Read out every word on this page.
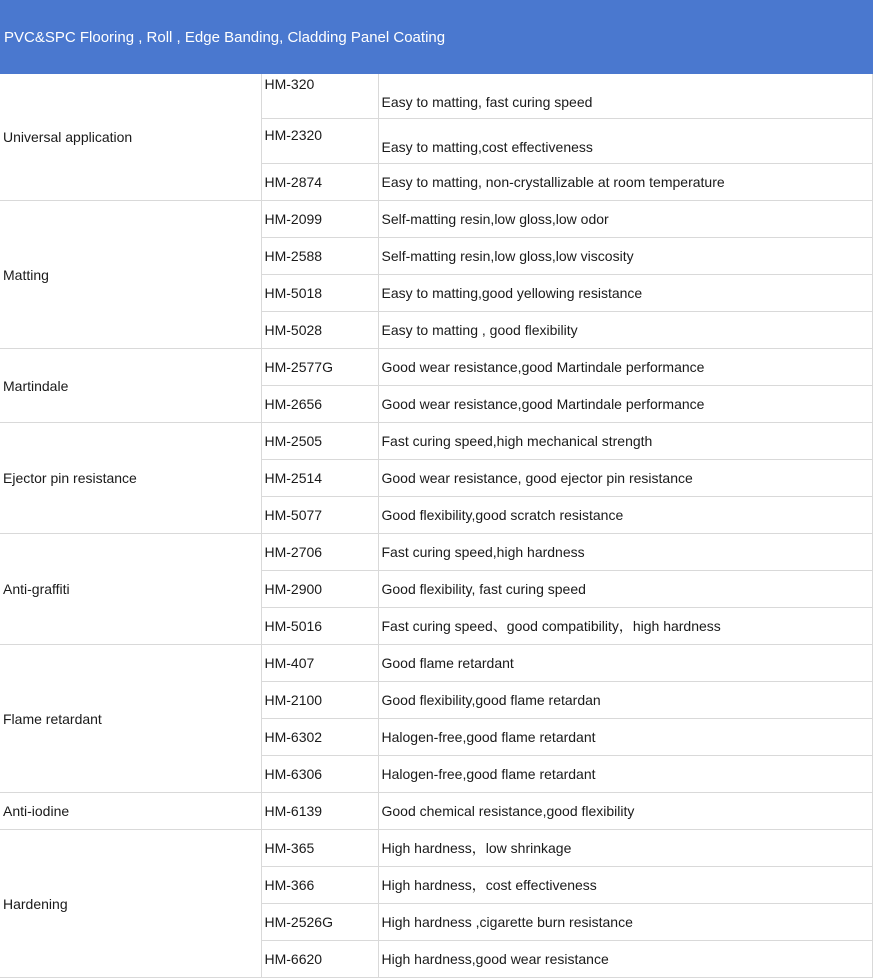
PVC&SPC Flooring , Roll , Edge Banding, Cladding Panel Coating
Universal application	HM-320	Easy to matting, fast curing speed
	HM-2320	Easy to matting,cost effectiveness
	HM-2874	Easy to matting, non-crystallizable at room temperature
Matting	HM-2099	Self-matting resin,low gloss,low odor
	HM-2588	Self-matting resin,low gloss,low viscosity
	HM-5018	Easy to matting,good yellowing resistance
	HM-5028	Easy to matting , good flexibility
Martindale	HM-2577G	Good wear resistance,good Martindale performance
	HM-2656	Good wear resistance,good Martindale performance
Ejector pin resistance	HM-2505	Fast curing speed,high mechanical strength
	HM-2514	Good wear resistance, good ejector pin resistance
	HM-5077	Good flexibility,good scratch resistance
Anti-graffiti	HM-2706	Fast curing speed,high hardness
	HM-2900	Good flexibility, fast curing speed
	HM-5016	Fast curing speed、good compatibility，high hardness
Flame retardant	HM-407	Good flame retardant
	HM-2100	Good flexibility,good flame retardan
	HM-6302	Halogen-free,good flame retardant
	HM-6306	Halogen-free,good flame retardant
Anti-iodine	HM-6139	Good chemical resistance,good flexibility
Hardening	HM-365	High hardness，low shrinkage
	HM-366	High hardness，cost effectiveness
	HM-2526G	High hardness ,cigarette burn resistance
	HM-6620	High hardness,good wear resistance
